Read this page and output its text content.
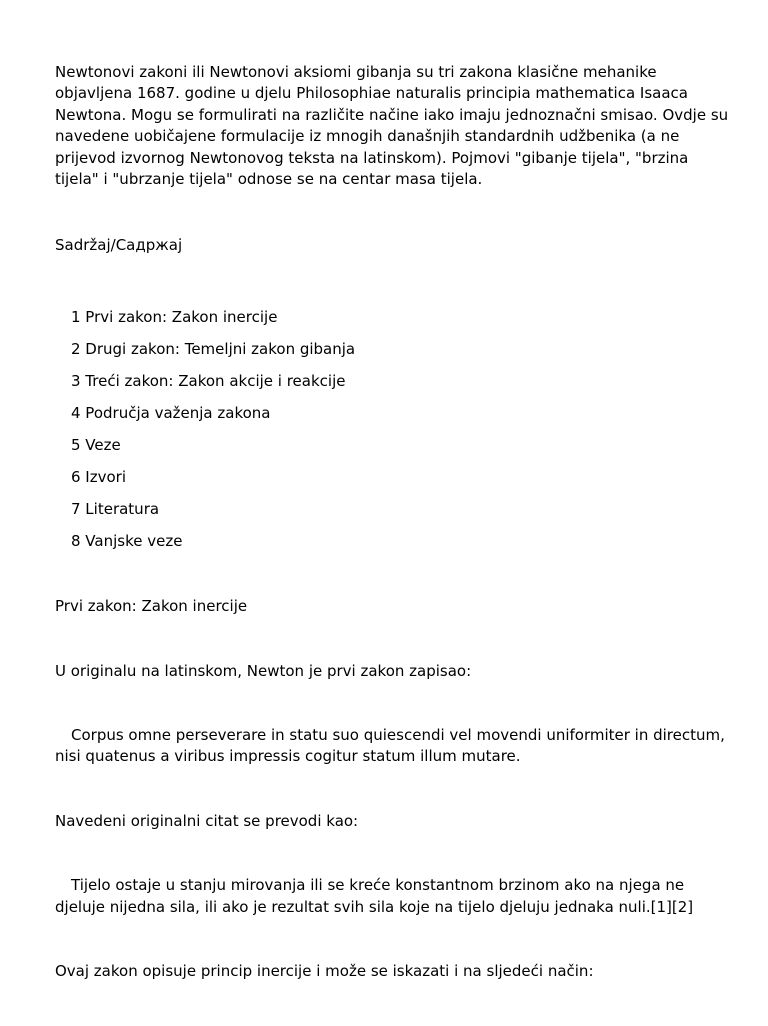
Newtonovi zakoni ili Newtonovi aksiomi gibanja su tri zakona klasične mehanike objavljena 1687. godine u djelu Philosophiae naturalis principia mathematica Isaaca Newtona. Mogu se formulirati na različite načine iako imaju jednoznačni smisao. Ovdje su navedene uobičajene formulacije iz mnogih današnjih standardnih udžbenika (a ne prijevod izvornog Newtonovog teksta na latinskom). Pojmovi "gibanje tijela", "brzina tijela" i "ubrzanje tijela" odnose se na centar masa tijela.

Sadržaj/Садржај

1 Prvi zakon: Zakon inercije
2 Drugi zakon: Temeljni zakon gibanja
3 Treći zakon: Zakon akcije i reakcije
4 Područja važenja zakona
5 Veze
6 Izvori
7 Literatura
8 Vanjske veze

Prvi zakon: Zakon inercije

U originalu na latinskom, Newton je prvi zakon zapisao:

Corpus omne perseverare in statu suo quiescendi vel movendi uniformiter in directum, nisi quatenus a viribus impressis cogitur statum illum mutare.

Navedeni originalni citat se prevodi kao:

Tijelo ostaje u stanju mirovanja ili se kreće konstantnom brzinom ako na njega ne djeluje nijedna sila, ili ako je rezultat svih sila koje na tijelo djeluju jednaka nuli.[1][2]

Ovaj zakon opisuje princip inercije i može se iskazati i na sljedeći način:
